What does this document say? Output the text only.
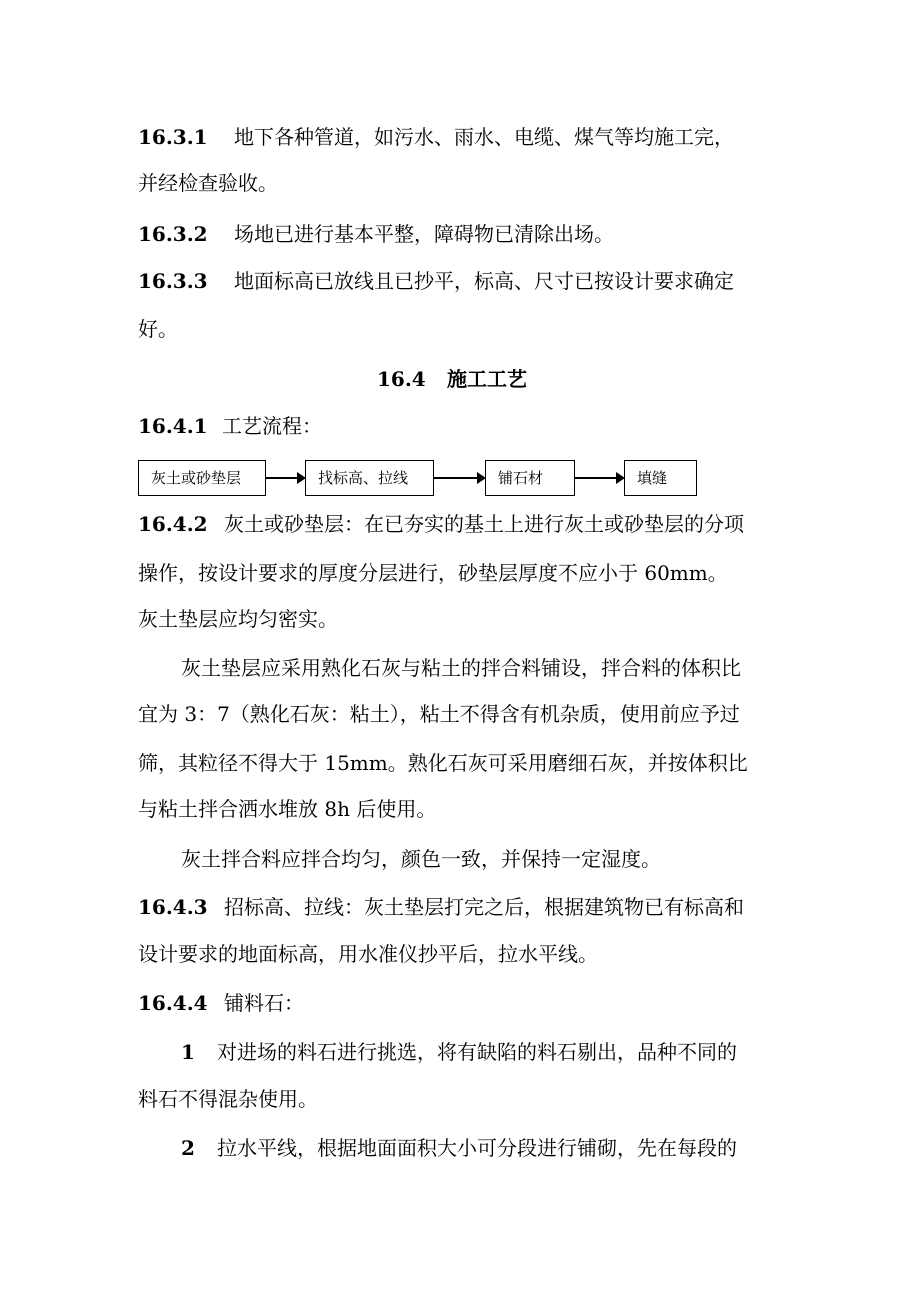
16.3.1 地下各种管道，如污水、雨水、电缆、煤气等均施工完，
并经检查验收。
16.3.2 场地已进行基本平整，障碍物已清除出场。
16.3.3 地面标高已放线且已抄平，标高、尺寸已按设计要求确定
好。
16.4 施工工艺
16.4.1 工艺流程：
灰土或砂垫层	找标高、拉线	铺石材	填缝
16.4.2 灰土或砂垫层：在已夯实的基土上进行灰土或砂垫层的分项
操作，按设计要求的厚度分层进行，砂垫层厚度不应小于 60mm。
灰土垫层应均匀密实。
灰土垫层应采用熟化石灰与粘土的拌合料铺设，拌合料的体积比
宜为 3：7（熟化石灰：粘土），粘土不得含有机杂质，使用前应予过
筛，其粒径不得大于 15mm。熟化石灰可采用磨细石灰，并按体积比
与粘土拌合洒水堆放 8h 后使用。
灰土拌合料应拌合均匀，颜色一致，并保持一定湿度。
16.4.3 招标高、拉线：灰土垫层打完之后，根据建筑物已有标高和
设计要求的地面标高，用水准仪抄平后，拉水平线。
16.4.4 铺料石：
1 对进场的料石进行挑选，将有缺陷的料石剔出，品种不同的
料石不得混杂使用。
2 拉水平线，根据地面面积大小可分段进行铺砌，先在每段的
